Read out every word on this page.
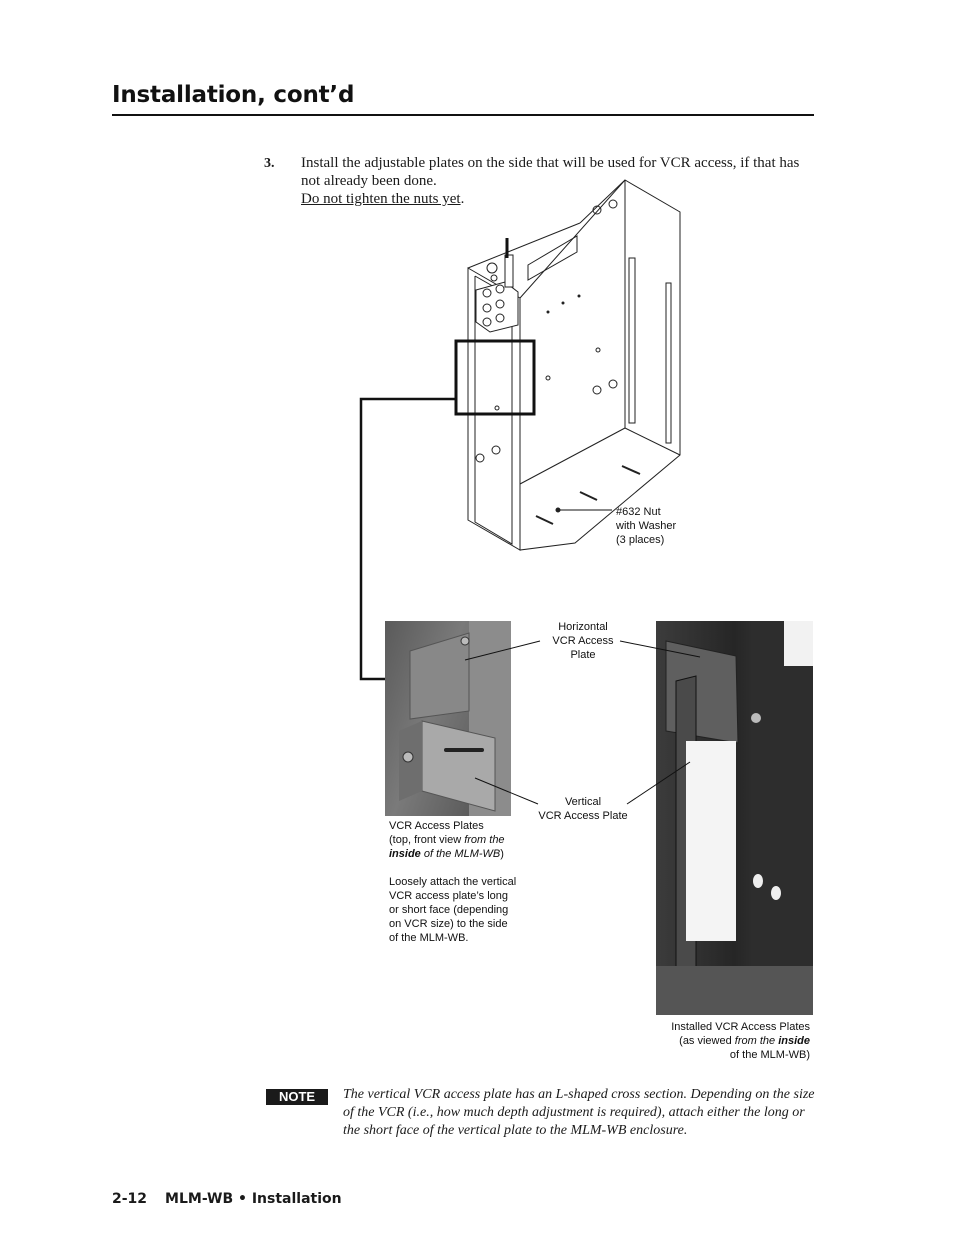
Installation, cont’d
3. Install the adjustable plates on the side that will be used for VCR access, if that has not already been done.
Do not tighten the nuts yet.
#632 Nut
with Washer
(3 places)
Horizontal
VCR Access
Plate
Vertical
VCR Access Plate
VCR Access Plates
(top, front view from the
inside of the MLM-WB)
Loosely attach the vertical VCR access plate’s long or short face (depending on VCR size) to the side of the MLM-WB.
Installed VCR Access Plates
(as viewed from the inside
of the MLM-WB)
NOTE	The vertical VCR access plate has an L-shaped cross section. Depending on the size of the VCR (i.e., how much depth adjustment is required), attach either the long or the short face of the vertical plate to the MLM-WB enclosure.
2-12 MLM-WB • Installation
